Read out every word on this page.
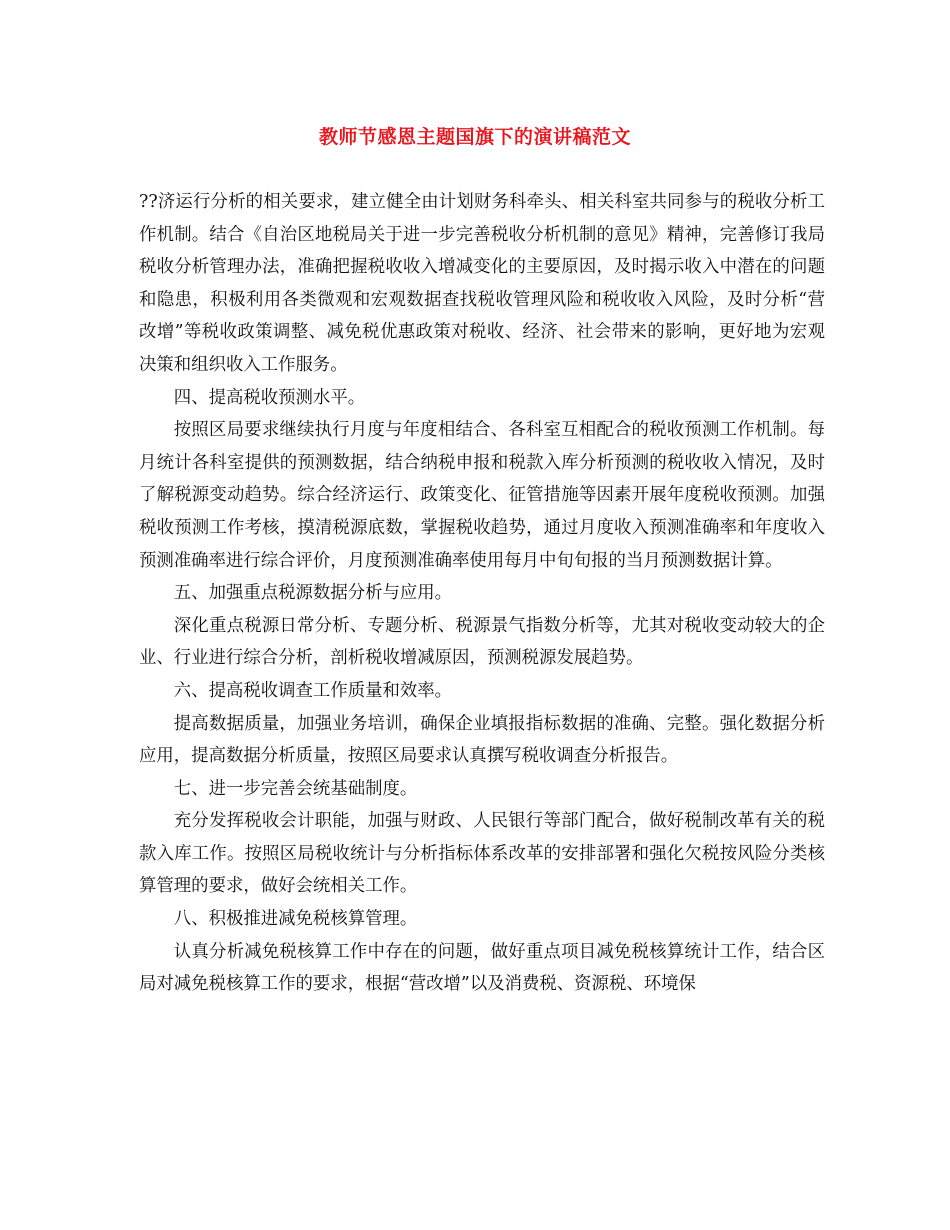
教师节感恩主题国旗下的演讲稿范文

??济运行分析的相关要求，建立健全由计划财务科牵头、相关科室共同参与的税收分析工作机制。结合《自治区地税局关于进一步完善税收分析机制的意见》精神，完善修订我局税收分析管理办法，准确把握税收收入增减变化的主要原因，及时揭示收入中潜在的问题和隐患，积极利用各类微观和宏观数据查找税收管理风险和税收收入风险，及时分析“营改增”等税收政策调整、减免税优惠政策对税收、经济、社会带来的影响，更好地为宏观决策和组织收入工作服务。

四、提高税收预测水平。

按照区局要求继续执行月度与年度相结合、各科室互相配合的税收预测工作机制。每月统计各科室提供的预测数据，结合纳税申报和税款入库分析预测的税收收入情况，及时了解税源变动趋势。综合经济运行、政策变化、征管措施等因素开展年度税收预测。加强税收预测工作考核，摸清税源底数，掌握税收趋势，通过月度收入预测准确率和年度收入预测准确率进行综合评价，月度预测准确率使用每月中旬旬报的当月预测数据计算。

五、加强重点税源数据分析与应用。

深化重点税源日常分析、专题分析、税源景气指数分析等，尤其对税收变动较大的企业、行业进行综合分析，剖析税收增减原因，预测税源发展趋势。

六、提高税收调查工作质量和效率。

提高数据质量，加强业务培训，确保企业填报指标数据的准确、完整。强化数据分析应用，提高数据分析质量，按照区局要求认真撰写税收调查分析报告。

七、进一步完善会统基础制度。

充分发挥税收会计职能，加强与财政、人民银行等部门配合，做好税制改革有关的税款入库工作。按照区局税收统计与分析指标体系改革的安排部署和强化欠税按风险分类核算管理的要求，做好会统相关工作。

八、积极推进减免税核算管理。

认真分析减免税核算工作中存在的问题，做好重点项目减免税核算统计工作，结合区局对减免税核算工作的要求，根据“营改增”以及消费税、资源税、环境保
